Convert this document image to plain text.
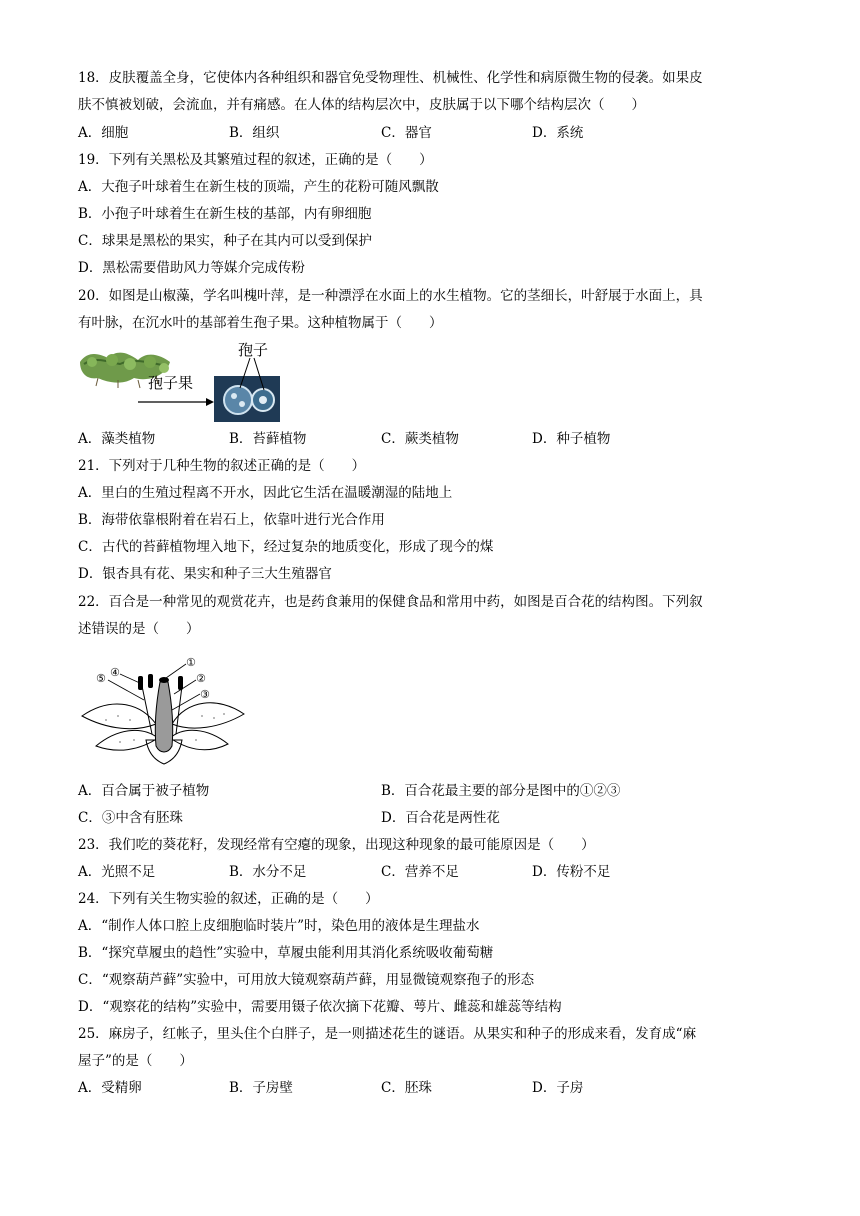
18．皮肤覆盖全身，它使体内各种组织和器官免受物理性、机械性、化学性和病原微生物的侵袭。如果皮
肤不慎被划破，会流血，并有痛感。在人体的结构层次中，皮肤属于以下哪个结构层次（　　）
A．细胞	B．组织	C．器官	D．系统
19．下列有关黑松及其繁殖过程的叙述，正确的是（　　）
A．大孢子叶球着生在新生枝的顶端，产生的花粉可随风飘散
B．小孢子叶球着生在新生枝的基部，内有卵细胞
C．球果是黑松的果实，种子在其内可以受到保护
D．黑松需要借助风力等媒介完成传粉
20．如图是山椒藻，学名叫槐叶萍，是一种漂浮在水面上的水生植物。它的茎细长，叶舒展于水面上，具
有叶脉，在沉水叶的基部着生孢子果。这种植物属于（　　）
孢子果
孢子
A．藻类植物	B．苔藓植物	C．蕨类植物	D．种子植物
21．下列对于几种生物的叙述正确的是（　　）
A．里白的生殖过程离不开水，因此它生活在温暖潮湿的陆地上
B．海带依靠根附着在岩石上，依靠叶进行光合作用
C．古代的苔藓植物埋入地下，经过复杂的地质变化，形成了现今的煤
D．银杏具有花、果实和种子三大生殖器官
22．百合是一种常见的观赏花卉，也是药食兼用的保健食品和常用中药，如图是百合花的结构图。下列叙
述错误的是（　　）
①
②
③
④
⑤
A．百合属于被子植物	B．百合花最主要的部分是图中的①②③
C．③中含有胚珠	D．百合花是两性花
23．我们吃的葵花籽，发现经常有空瘪的现象，出现这种现象的最可能原因是（　　）
A．光照不足	B．水分不足	C．营养不足	D．传粉不足
24．下列有关生物实验的叙述，正确的是（　　）
A．“制作人体口腔上皮细胞临时装片”时，染色用的液体是生理盐水
B．“探究草履虫的趋性”实验中，草履虫能利用其消化系统吸收葡萄糖
C．“观察葫芦藓”实验中，可用放大镜观察葫芦藓，用显微镜观察孢子的形态
D．“观察花的结构”实验中，需要用镊子依次摘下花瓣、萼片、雌蕊和雄蕊等结构
25．麻房子，红帐子，里头住个白胖子，是一则描述花生的谜语。从果实和种子的形成来看，发育成“麻
屋子”的是（　　）
A．受精卵	B．子房壁	C．胚珠	D．子房
